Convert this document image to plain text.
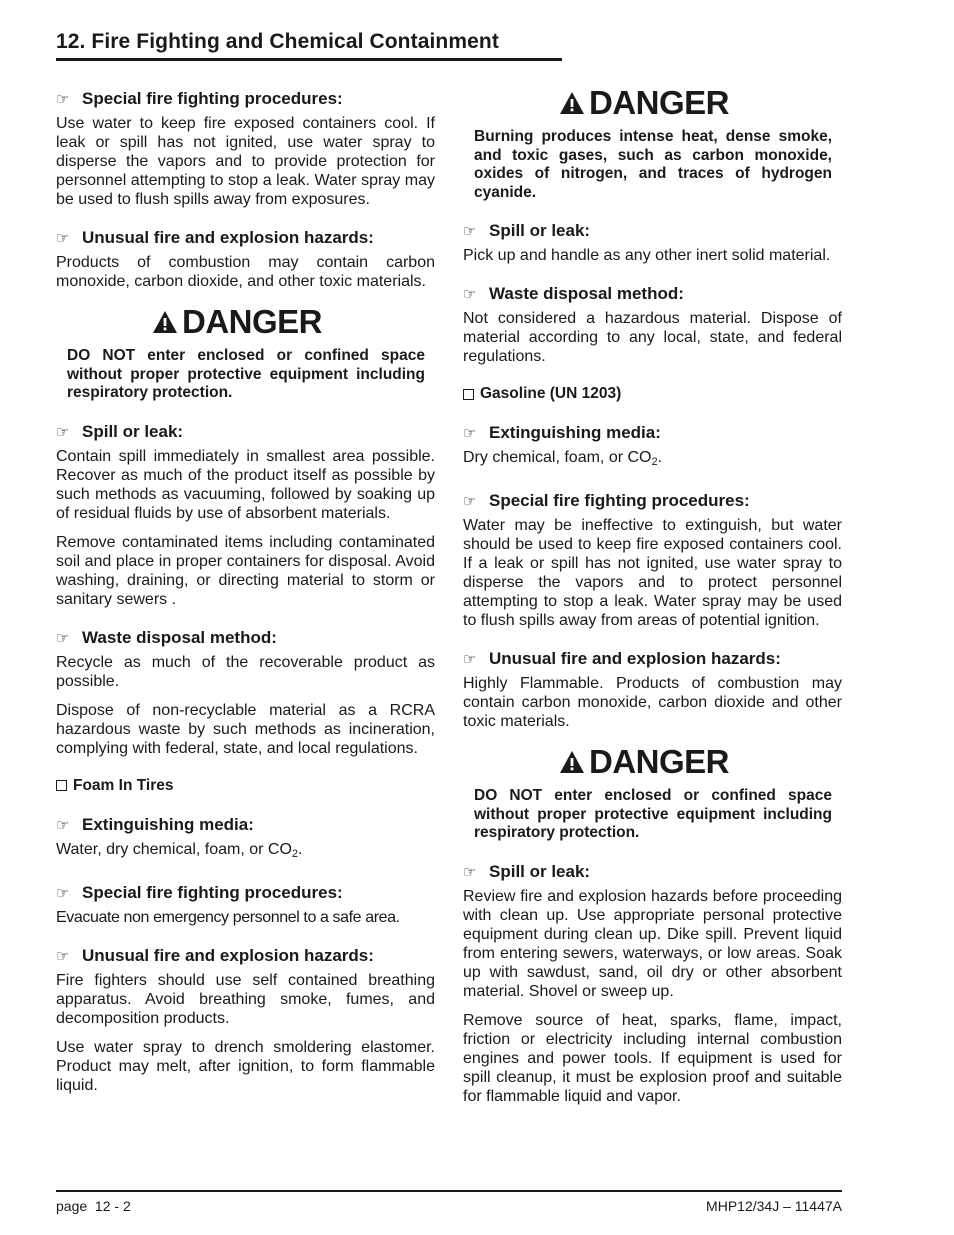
12. Fire Fighting and Chemical Containment
☞ Special fire fighting procedures:

Use water to keep fire exposed containers cool. If leak or spill has not ignited, use water spray to disperse the vapors and to provide protection for personnel attempting to stop a leak. Water spray may be used to flush spills away from exposures.

☞ Unusual fire and explosion hazards:

Products of combustion may contain carbon monoxide, carbon dioxide, and other toxic materials.

DANGER
DO NOT enter enclosed or confined space without proper protective equipment including respiratory protection.
☞ Spill or leak:

Contain spill immediately in smallest area possible. Recover as much of the product itself as possible by such methods as vacuuming, followed by soaking up of residual fluids by use of absorbent materials.

Remove contaminated items including contaminated soil and place in proper containers for disposal. Avoid washing, draining, or directing material to storm or sanitary sewers .

☞ Waste disposal method:

Recycle as much of the recoverable product as possible.

Dispose of non-recyclable material as a RCRA hazardous waste by such methods as incineration, complying with federal, state, and local regulations.

Foam In Tires
☞ Extinguishing media:

Water, dry chemical, foam, or $CO_2$.

☞ Special fire fighting procedures:

Evacuate non emergency personnel to a safe area.

☞ Unusual fire and explosion hazards:

Fire fighters should use self contained breathing apparatus. Avoid breathing smoke, fumes, and decomposition products.

Use water spray to drench smoldering elastomer. Product may melt, after ignition, to form flammable liquid.

DANGER
Burning produces intense heat, dense smoke, and toxic gases, such as carbon monoxide, oxides of nitrogen, and traces of hydrogen cyanide.
☞ Spill or leak:

Pick up and handle as any other inert solid material.

☞ Waste disposal method:

Not considered a hazardous material. Dispose of material according to any local, state, and federal regulations.

Gasoline (UN 1203)
☞ Extinguishing media:

Dry chemical, foam, or $CO_2$.

☞ Special fire fighting procedures:

Water may be ineffective to extinguish, but water should be used to keep fire exposed containers cool. If a leak or spill has not ignited, use water spray to disperse the vapors and to protect personnel attempting to stop a leak. Water spray may be used to flush spills away from areas of potential ignition.

☞ Unusual fire and explosion hazards:

Highly Flammable. Products of combustion may contain carbon monoxide, carbon dioxide and other toxic materials.

DANGER
DO NOT enter enclosed or confined space without proper protective equipment including respiratory protection.
☞ Spill or leak:

Review fire and explosion hazards before proceeding with clean up. Use appropriate personal protective equipment during clean up. Dike spill. Prevent liquid from entering sewers, waterways, or low areas. Soak up with sawdust, sand, oil dry or other absorbent material. Shovel or sweep up.

Remove source of heat, sparks, flame, impact, friction or electricity including internal combustion engines and power tools. If equipment is used for spill cleanup, it must be explosion proof and suitable for flammable liquid and vapor.

page  12 - 2	MHP12/34J – 11447A
